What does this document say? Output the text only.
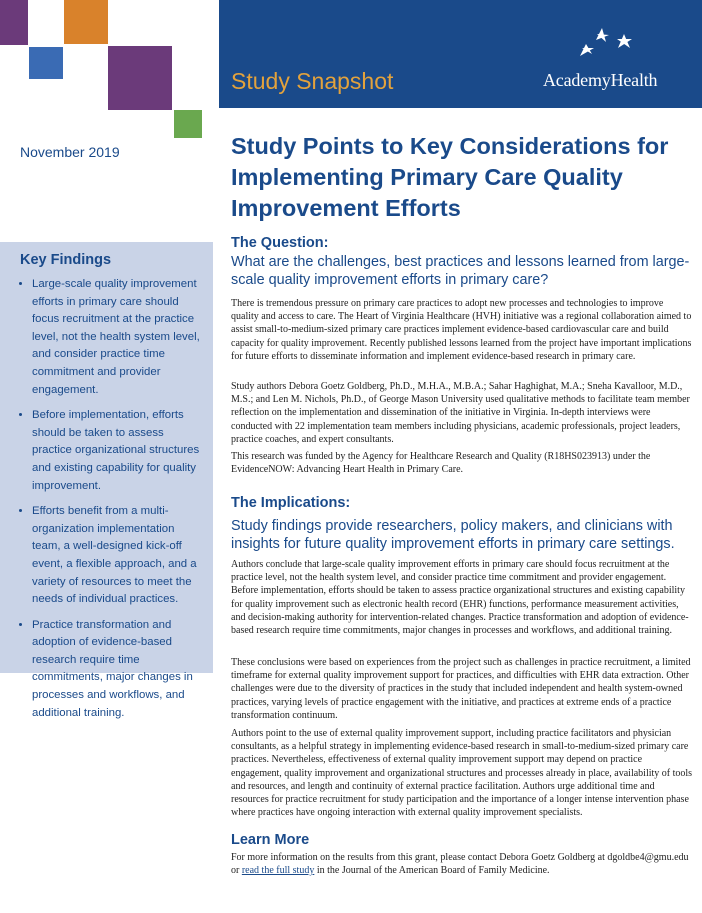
Study Snapshot	AcademyHealth
November 2019	Study Points to Key Considerations for Implementing Primary Care Quality Improvement Efforts
Key Findings
• Large-scale quality improvement efforts in primary care should focus recruitment at the practice level, not the health system level, and consider practice time commitment and provider engagement.
• Before implementation, efforts should be taken to assess practice organizational structures and existing capability for quality improvement.
• Efforts benefit from a multi-organization implementation team, a well-designed kick-off event, a flexible approach, and a variety of resources to meet the needs of individual practices.
• Practice transformation and adoption of evidence-based research require time commitments, major changes in processes and workflows, and additional training.
The Question:
What are the challenges, best practices and lessons learned from large-scale quality improvement efforts in primary care?

There is tremendous pressure on primary care practices to adopt new processes and technologies to improve quality and access to care. The Heart of Virginia Healthcare (HVH) initiative was a regional collaboration aimed to assist small-to-medium-sized primary care practices implement evidence-based cardiovascular care and build capacity for quality improvement. Recently published lessons learned from the project have important implications for future efforts to disseminate information and implement evidence-based research in primary care.

Study authors Debora Goetz Goldberg, Ph.D., M.H.A., M.B.A.; Sahar Haghighat, M.A.; Sneha Kavalloor, M.D., M.S.; and Len M. Nichols, Ph.D., of George Mason University used qualitative methods to facilitate team member reflection on the implementation and dissemination of the initiative in Virginia. In-depth interviews were conducted with 22 implementation team members including physicians, academic professionals, project leaders, practice coaches, and expert consultants.

This research was funded by the Agency for Healthcare Research and Quality (R18HS023913) under the EvidenceNOW: Advancing Heart Health in Primary Care.

The Implications:
Study findings provide researchers, policy makers, and clinicians with insights for future quality improvement efforts in primary care settings.

Authors conclude that large-scale quality improvement efforts in primary care should focus recruitment at the practice level, not the health system level, and consider practice time commitment and provider engagement. Before implementation, efforts should be taken to assess practice organizational structures and existing capability for quality improvement such as electronic health record (EHR) functions, performance measurement activities, and decision-making authority for intervention-related changes. Practice transformation and adoption of evidence-based research require time commitments, major changes in processes and workflows, and additional training.

These conclusions were based on experiences from the project such as challenges in practice recruitment, a limited timeframe for external quality improvement support for practices, and difficulties with EHR data extraction. Other challenges were due to the diversity of practices in the study that included independent and health system-owned practices, varying levels of practice engagement with the initiative, and practices at extreme ends of a practice transformation continuum.

Authors point to the use of external quality improvement support, including practice facilitators and physician consultants, as a helpful strategy in implementing evidence-based research in small-to-medium-sized primary care practices. Nevertheless, effectiveness of external quality improvement support may depend on practice engagement, quality improvement and organizational structures and processes already in place, availability of tools and resources, and length and continuity of external practice facilitation. Authors urge additional time and resources for practice recruitment for study participation and the importance of a longer intense intervention phase where practices have ongoing interaction with external quality improvement specialists.

Learn More

For more information on the results from this grant, please contact Debora Goetz Goldberg at dgoldbe4@gmu.edu or read the full study in the Journal of the American Board of Family Medicine.
